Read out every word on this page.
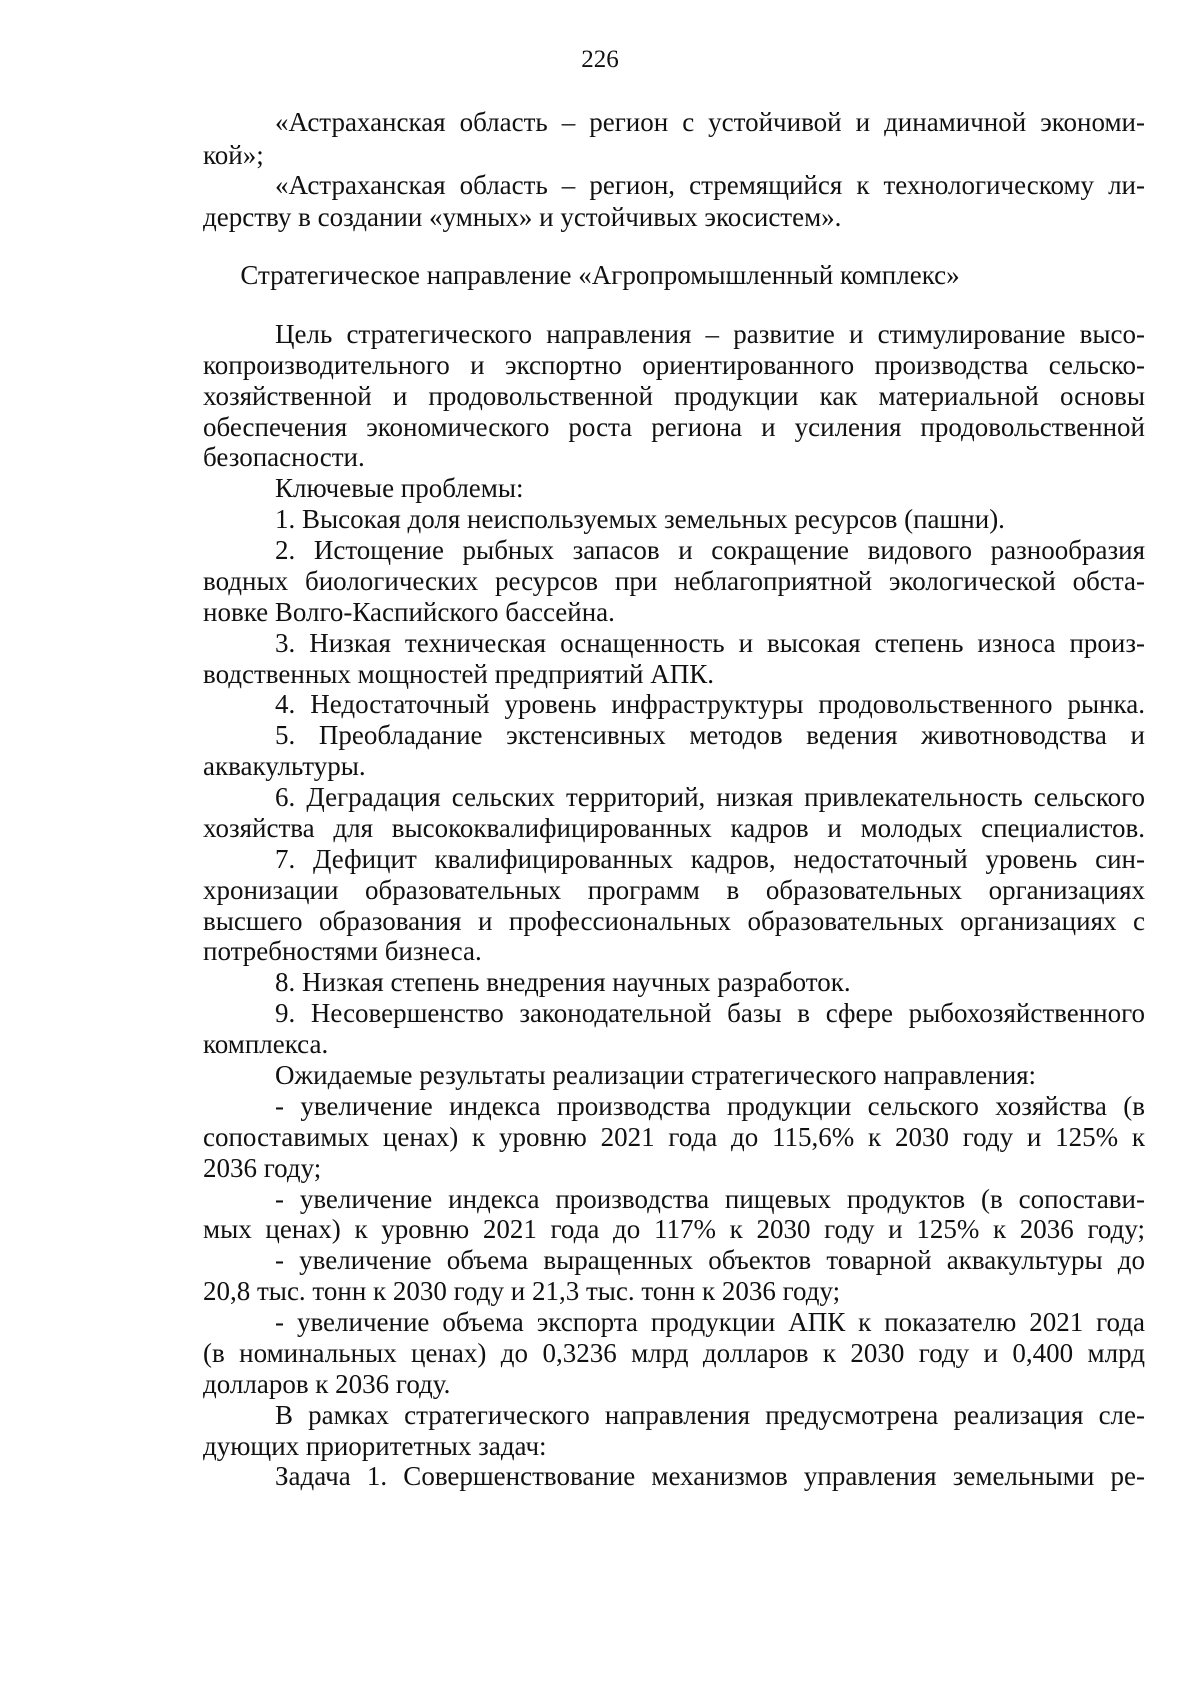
226
«Астраханская область – регион с устойчивой и динамичной экономи-
кой»;
«Астраханская область – регион, стремящийся к технологическому ли-
дерству в создании «умных» и устойчивых экосистем».
Стратегическое направление «Агропромышленный комплекс»
Цель стратегического направления – развитие и стимулирование высо-
копроизводительного и экспортно ориентированного производства сельско-
хозяйственной и продовольственной продукции как материальной основы
обеспечения экономического роста региона и усиления продовольственной
безопасности.
Ключевые проблемы:
1. Высокая доля неиспользуемых земельных ресурсов (пашни).
2. Истощение рыбных запасов и сокращение видового разнообразия
водных биологических ресурсов при неблагоприятной экологической обста-
новке Волго-Каспийского бассейна.
3. Низкая техническая оснащенность и высокая степень износа произ-
водственных мощностей предприятий АПК.
4. Недостаточный уровень инфраструктуры продовольственного рынка.
5. Преобладание экстенсивных методов ведения животноводства и
аквакультуры.
6. Деградация сельских территорий, низкая привлекательность сельского
хозяйства для высококвалифицированных кадров и молодых специалистов.
7. Дефицит квалифицированных кадров, недостаточный уровень син-
хронизации образовательных программ в образовательных организациях
высшего образования и профессиональных образовательных организациях с
потребностями бизнеса.
8. Низкая степень внедрения научных разработок.
9. Несовершенство законодательной базы в сфере рыбохозяйственного
комплекса.
Ожидаемые результаты реализации стратегического направления:
- увеличение индекса производства продукции сельского хозяйства (в
сопоставимых ценах) к уровню 2021 года до 115,6% к 2030 году и 125% к
2036 году;
- увеличение индекса производства пищевых продуктов (в сопостави-
мых ценах) к уровню 2021 года до 117% к 2030 году и 125% к 2036 году;
- увеличение объема выращенных объектов товарной аквакультуры до
20,8 тыс. тонн к 2030 году и 21,3 тыс. тонн к 2036 году;
- увеличение объема экспорта продукции АПК к показателю 2021 года
(в номинальных ценах) до 0,3236 млрд долларов к 2030 году и 0,400 млрд
долларов к 2036 году.
В рамках стратегического направления предусмотрена реализация сле-
дующих приоритетных задач:
Задача 1. Совершенствование механизмов управления земельными ре-
